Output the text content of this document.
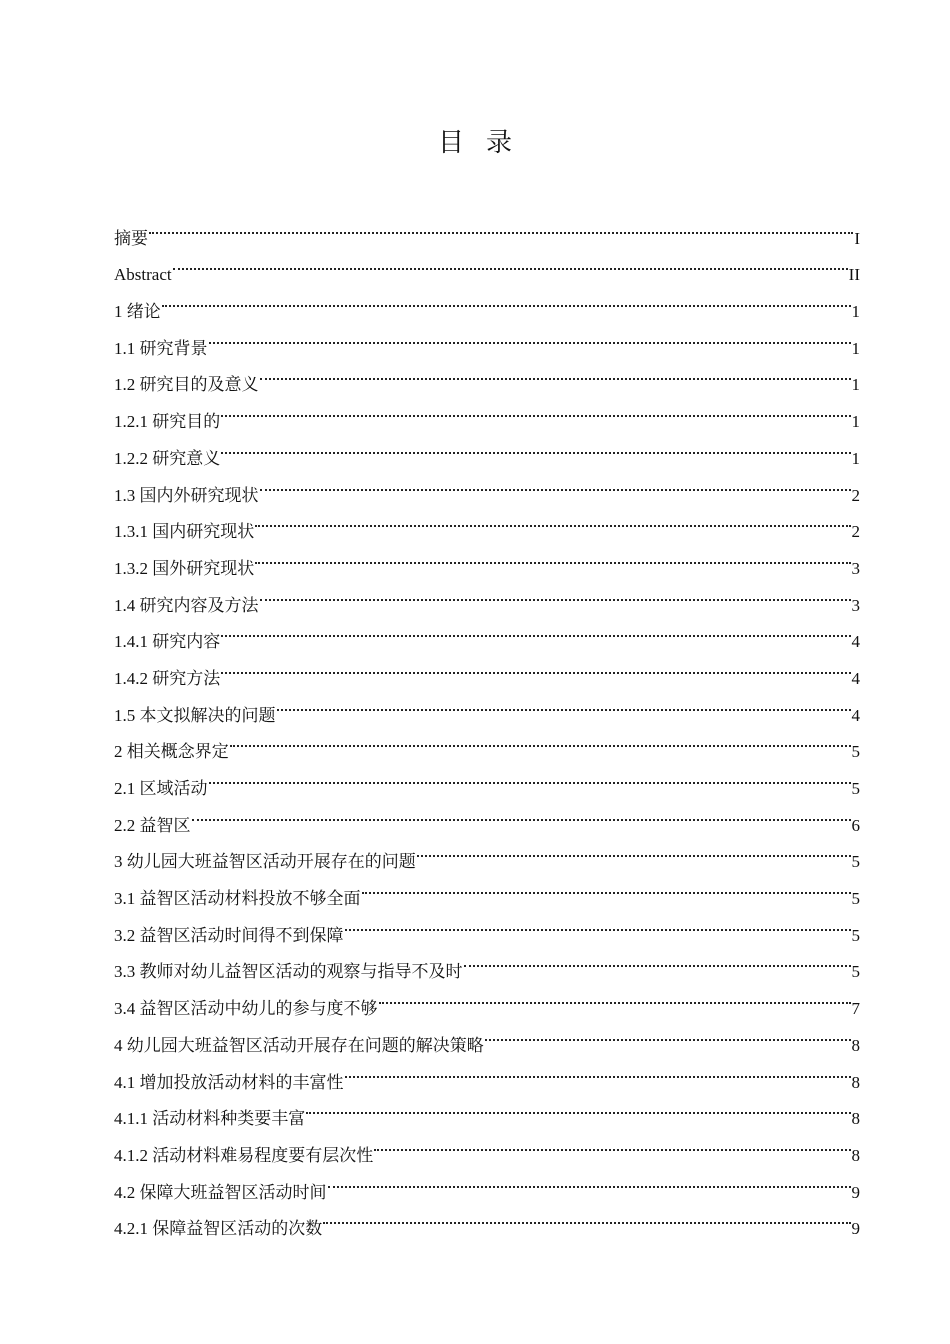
目录
摘要	I
Abstract	II
1 绪论	1
1.1 研究背景	1
1.2 研究目的及意义	1
1.2.1 研究目的	1
1.2.2 研究意义	1
1.3 国内外研究现状	2
1.3.1 国内研究现状	2
1.3.2 国外研究现状	3
1.4 研究内容及方法	3
1.4.1 研究内容	4
1.4.2 研究方法	4
1.5 本文拟解决的问题	4
2 相关概念界定	5
2.1 区域活动	5
2.2 益智区	6
3 幼儿园大班益智区活动开展存在的问题	5
3.1 益智区活动材料投放不够全面	5
3.2 益智区活动时间得不到保障	5
3.3 教师对幼儿益智区活动的观察与指导不及时	5
3.4 益智区活动中幼儿的参与度不够	7
4 幼儿园大班益智区活动开展存在问题的解决策略	8
4.1 增加投放活动材料的丰富性	8
4.1.1 活动材料种类要丰富	8
4.1.2 活动材料难易程度要有层次性	8
4.2 保障大班益智区活动时间	9
4.2.1 保障益智区活动的次数	9
